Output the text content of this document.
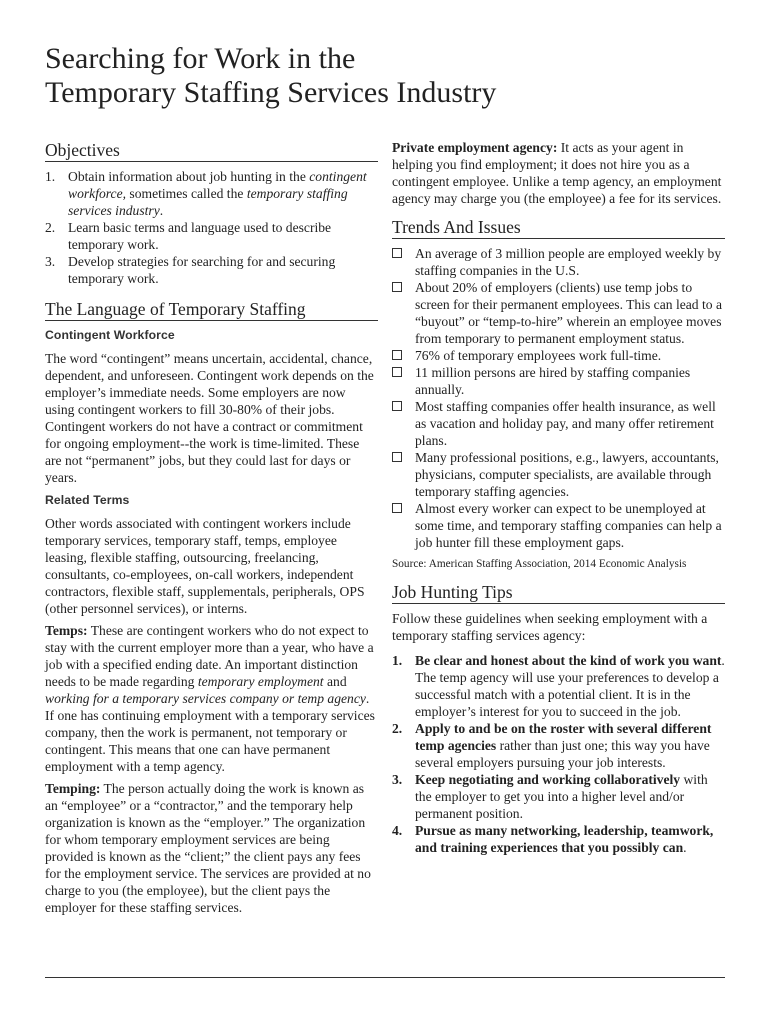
Searching for Work in the
Temporary Staffing Services Industry
Objectives
1. Obtain information about job hunting in the contingent workforce, sometimes called the temporary staffing services industry.
2. Learn basic terms and language used to describe temporary work.
3. Develop strategies for searching for and securing temporary work.
The Language of Temporary Staffing
Contingent Workforce

The word “contingent” means uncertain, accidental, chance, dependent, and unforeseen. Contingent work depends on the employer’s immediate needs. Some employers are now using contingent workers to fill 30-80% of their jobs. Contingent workers do not have a contract or commitment for ongoing employment--the work is time-limited. These are not “permanent” jobs, but they could last for days or years.

Related Terms

Other words associated with contingent workers include temporary services, temporary staff, temps, employee leasing, flexible staffing, outsourcing, freelancing, consultants, co-employees, on-call workers, independent contractors, flexible staff, supplementals, peripherals, OPS (other personnel services), or interns.

Temps: These are contingent workers who do not expect to stay with the current employer more than a year, who have a job with a specified ending date. An important distinction needs to be made regarding temporary employment and working for a temporary services company or temp agency. If one has continuing employment with a temporary services company, then the work is permanent, not temporary or contingent. This means that one can have permanent employment with a temp agency.

Temping: The person actually doing the work is known as an “employee” or a “contractor,” and the temporary help organization is known as the “employer.” The organization for whom temporary employment services are being provided is known as the “client;” the client pays any fees for the employment service. The services are provided at no charge to you (the employee), but the client pays the employer for these staffing services.

Private employment agency: It acts as your agent in helping you find employment; it does not hire you as a contingent employee. Unlike a temp agency, an employment agency may charge you (the employee) a fee for its services.

Trends And Issues
An average of 3 million people are employed weekly by staffing companies in the U.S.
About 20% of employers (clients) use temp jobs to screen for their permanent employees. This can lead to a “buyout” or “temp-to-hire” wherein an employee moves from temporary to permanent employment status.
76% of temporary employees work full-time.
11 million persons are hired by staffing companies annually.
Most staffing companies offer health insurance, as well as vacation and holiday pay, and many offer retirement plans.
Many professional positions, e.g., lawyers, accountants, physicians, computer specialists, are available through temporary staffing agencies.
Almost every worker can expect to be unemployed at some time, and temporary staffing companies can help a job hunter fill these employment gaps.
Source: American Staffing Association, 2014 Economic Analysis
Job Hunting Tips

Follow these guidelines when seeking employment with a temporary staffing services agency:

1. Be clear and honest about the kind of work you want. The temp agency will use your preferences to develop a successful match with a potential client. It is in the employer’s interest for you to succeed in the job.
2. Apply to and be on the roster with several different temp agencies rather than just one; this way you have several employers pursuing your job interests.
3. Keep negotiating and working collaboratively with the employer to get you into a higher level and/or permanent position.
4. Pursue as many networking, leadership, teamwork, and training experiences that you possibly can.
